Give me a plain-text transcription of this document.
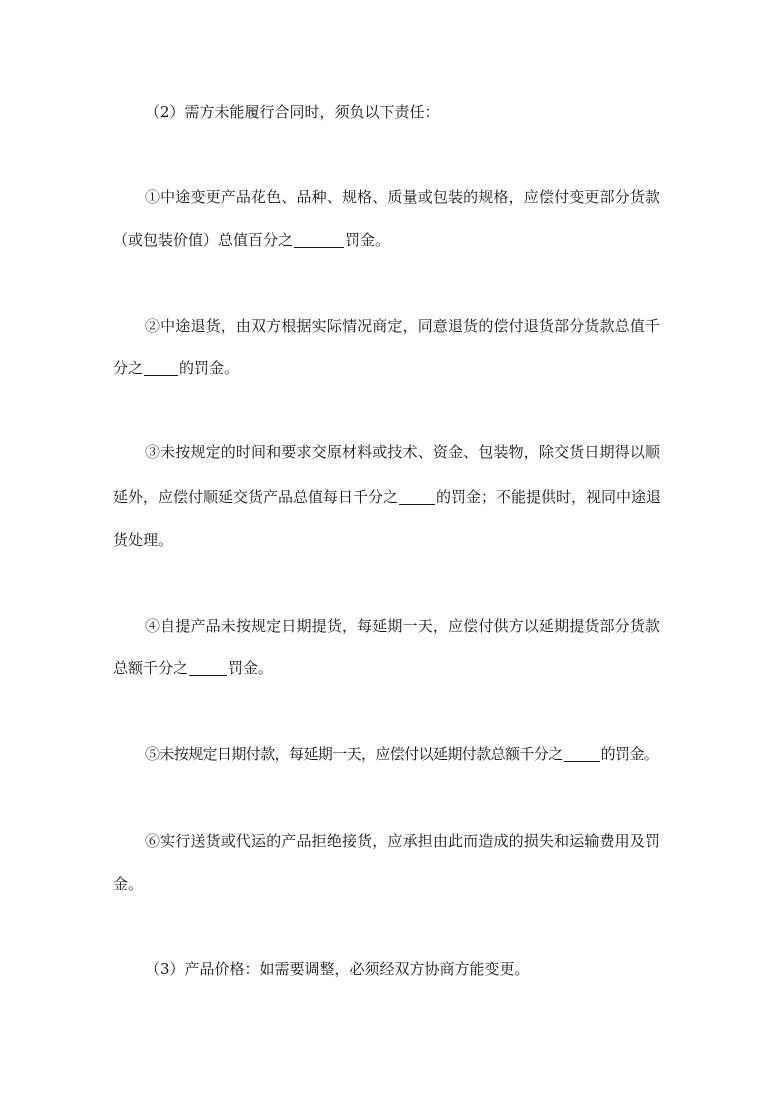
（2）需方未能履行合同时，须负以下责任：
①中途变更产品花色、品种、规格、质量或包装的规格，应偿付变更部分货款
（或包装价值）总值百分之	罚金。
②中途退货，由双方根据实际情况商定，同意退货的偿付退货部分货款总值千
分之 的罚金。
③未按规定的时间和要求交原材料或技术、资金、包装物，除交货日期得以顺
延外，应偿付顺延交货产品总值每日千分之	的罚金；不能提供时，视同中途退
货处理。
④自提产品未按规定日期提货，每延期一天，应偿付供方以延期提货部分货款
总额千分之	罚金。
⑤未按规定日期付款，每延期一天，应偿付以延期付款总额千分之	的罚金。
⑥实行送货或代运的产品拒绝接货，应承担由此而造成的损失和运输费用及罚
金。
（3）产品价格：如需要调整，必须经双方协商方能变更。
